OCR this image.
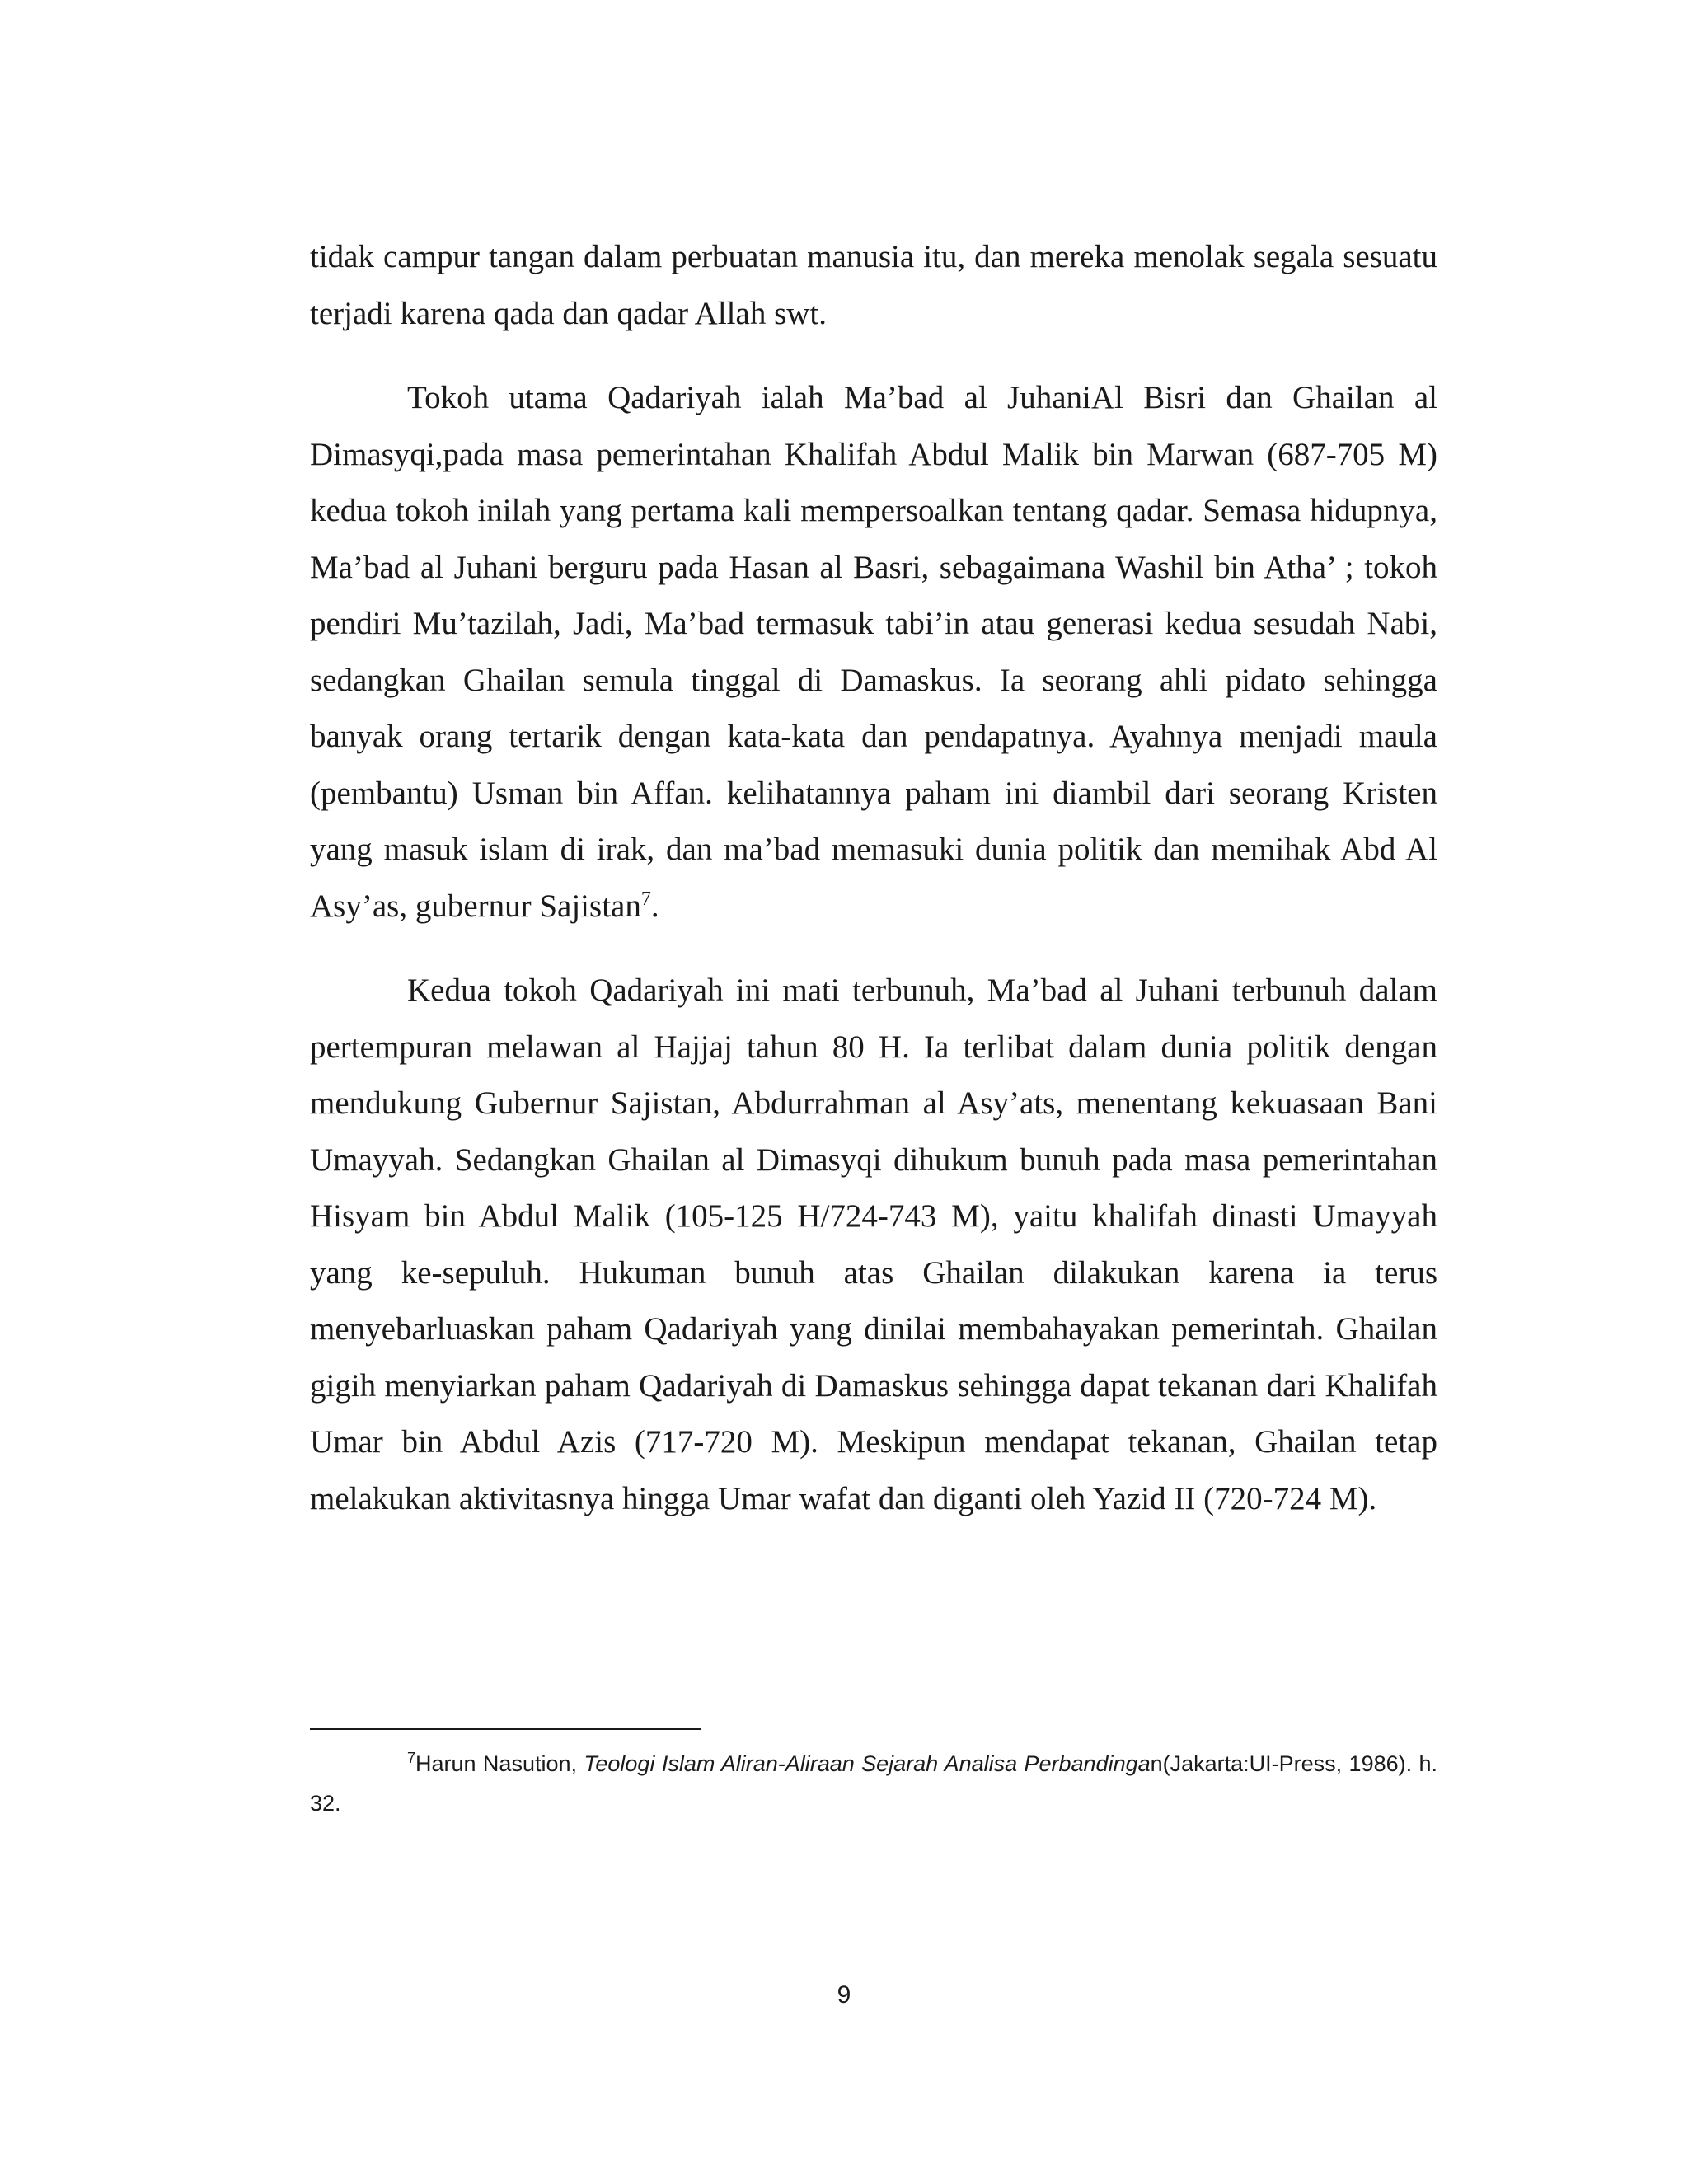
tidak campur tangan dalam perbuatan manusia itu, dan mereka menolak segala sesuatu terjadi karena qada dan qadar Allah swt.

Tokoh utama Qadariyah ialah Ma’bad al JuhaniAl Bisri dan Ghailan al Dimasyqi,pada masa pemerintahan Khalifah Abdul Malik bin Marwan (687-705 M) kedua tokoh inilah yang pertama kali mempersoalkan tentang qadar. Semasa hidupnya, Ma’bad al Juhani berguru pada Hasan al Basri, sebagaimana Washil bin Atha’ ; tokoh pendiri Mu’tazilah, Jadi, Ma’bad termasuk tabi’in atau generasi kedua sesudah Nabi, sedangkan Ghailan semula tinggal di Damaskus. Ia seorang ahli pidato sehingga banyak orang tertarik dengan kata-kata dan pendapatnya. Ayahnya menjadi maula (pembantu) Usman bin Affan. kelihatannya paham ini diambil dari seorang Kristen yang masuk islam di irak, dan ma’bad memasuki dunia politik dan memihak Abd Al Asy’as, gubernur Sajistan$^7$.

Kedua tokoh Qadariyah ini mati terbunuh, Ma’bad al Juhani terbunuh dalam pertempuran melawan al Hajjaj tahun 80 H. Ia terlibat dalam dunia politik dengan mendukung Gubernur Sajistan, Abdurrahman al Asy’ats, menentang kekuasaan Bani Umayyah. Sedangkan Ghailan al Dimasyqi dihukum bunuh pada masa pemerintahan Hisyam bin Abdul Malik (105-125 H/724-743 M), yaitu khalifah dinasti Umayyah yang ke-sepuluh. Hukuman bunuh atas Ghailan dilakukan karena ia terus menyebarluaskan paham Qadariyah yang dinilai membahayakan pemerintah. Ghailan gigih menyiarkan paham Qadariyah di Damaskus sehingga dapat tekanan dari Khalifah Umar bin Abdul Azis (717-720 M). Meskipun mendapat tekanan, Ghailan tetap melakukan aktivitasnya hingga Umar wafat dan diganti oleh Yazid II (720-724 M).

$^7$Harun Nasution, Teologi Islam Aliran-Aliraan Sejarah Analisa Perbandingan(Jakarta:UI-Press, 1986). h. 32.

9
